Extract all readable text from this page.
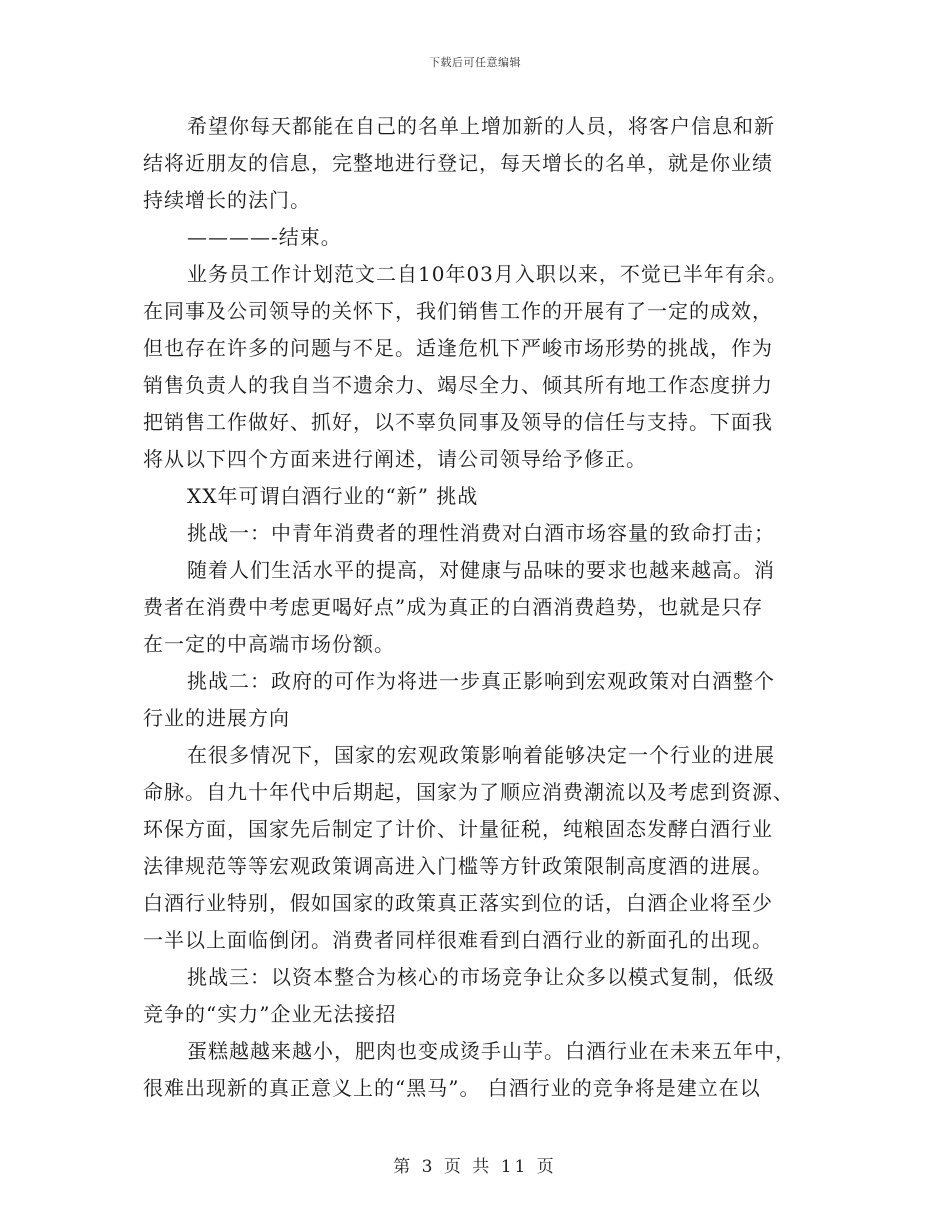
下载后可任意编辑
希望你每天都能在自己的名单上增加新的人员，将客户信息和新
结将近朋友的信息，完整地进行登记，每天增长的名单，就是你业绩
持续增长的法门。
————-结束。
业务员工作计划范文二自10年03月入职以来，不觉已半年有余。
在同事及公司领导的关怀下，我们销售工作的开展有了一定的成效，
但也存在许多的问题与不足。适逢危机下严峻市场形势的挑战，作为
销售负责人的我自当不遗余力、竭尽全力、倾其所有地工作态度拼力
把销售工作做好、抓好，以不辜负同事及领导的信任与支持。下面我
将从以下四个方面来进行阐述，请公司领导给予修正。
XX年可谓白酒行业的“新” 挑战
挑战一：中青年消费者的理性消费对白酒市场容量的致命打击；
随着人们生活水平的提高，对健康与品味的要求也越来越高。消
费者在消费中考虑更喝好点”成为真正的白酒消费趋势，也就是只存
在一定的中高端市场份额。
挑战二：政府的可作为将进一步真正影响到宏观政策对白酒整个
行业的进展方向
在很多情况下，国家的宏观政策影响着能够决定一个行业的进展
命脉。自九十年代中后期起，国家为了顺应消费潮流以及考虑到资源、
环保方面，国家先后制定了计价、计量征税，纯粮固态发酵白酒行业
法律规范等等宏观政策调高进入门槛等方针政策限制高度酒的进展。
白酒行业特别，假如国家的政策真正落实到位的话，白酒企业将至少
一半以上面临倒闭。消费者同样很难看到白酒行业的新面孔的出现。
挑战三：以资本整合为核心的市场竞争让众多以模式复制，低级
竞争的“实力”企业无法接招
蛋糕越越来越小，肥肉也变成烫手山芋。白酒行业在未来五年中，
很难出现新的真正意义上的“黑马”。 白酒行业的竞争将是建立在以
第 3 页 共 11 页
